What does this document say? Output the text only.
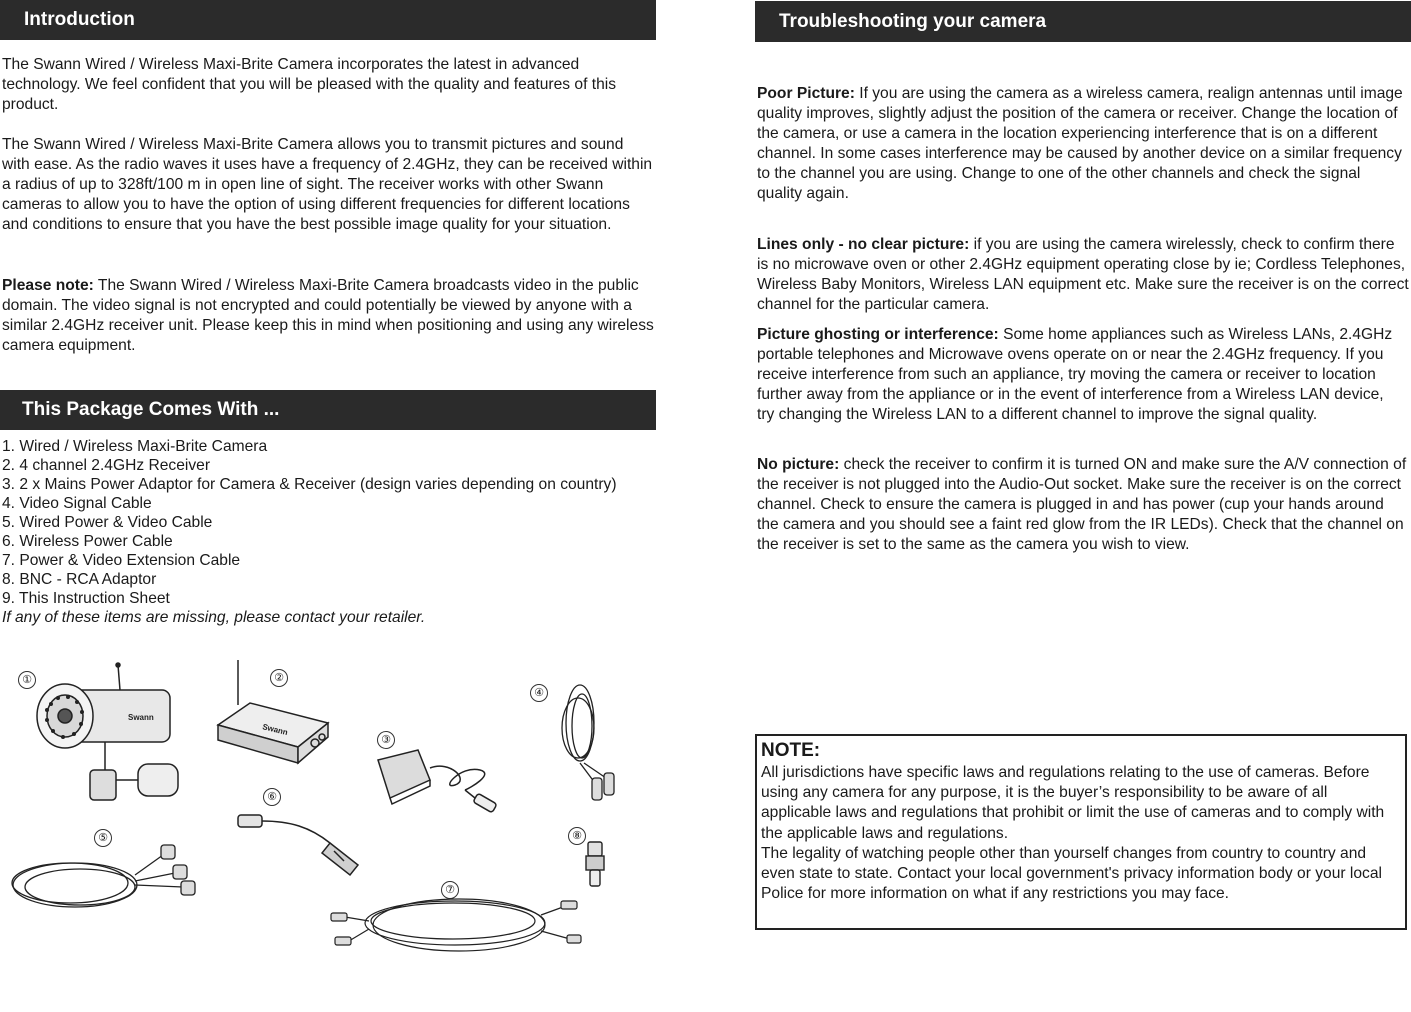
Introduction

The Swann Wired / Wireless Maxi-Brite Camera incorporates the latest in advanced technology. We feel confident that you will be pleased with the quality and features of this product.

The Swann Wired / Wireless Maxi-Brite Camera allows you to transmit pictures and sound with ease. As the radio waves it uses have a frequency of 2.4GHz, they can be received within a radius of up to 328ft/100 m in open line of sight. The receiver works with other Swann cameras to allow you to have the option of using different frequencies for different locations and conditions to ensure that you have the best possible image quality for your situation.

Please note: The Swann Wired / Wireless Maxi-Brite Camera broadcasts video in the public domain. The video signal is not encrypted and could potentially be viewed by anyone with a similar 2.4GHz receiver unit. Please keep this in mind when positioning and using any wireless camera equipment.

This Package Comes With ...
1. Wired / Wireless Maxi-Brite Camera
2. 4 channel 2.4GHz Receiver
3. 2 x Mains Power Adaptor for Camera & Receiver (design varies depending on country)
4. Video Signal Cable
5. Wired Power & Video Cable
6. Wireless Power Cable
7. Power & Video Extension Cable
8. BNC - RCA Adaptor
9. This Instruction Sheet
If any of these items are missing, please contact your retailer.
①	②
③
④
⑤
⑥
⑦
⑧
Swann
Swann
Troubleshooting your camera

Poor Picture: If you are using the camera as a wireless camera, realign antennas until image quality improves, slightly adjust the position of the camera or receiver. Change the location of the camera, or use a camera in the location experiencing interference that is on a different channel. In some cases interference may be caused by another device on a similar frequency to the channel you are using. Change to one of the other channels and check the signal quality again.

Lines only - no clear picture: if you are using the camera wirelessly, check to confirm there is no microwave oven or other 2.4GHz equipment operating close by ie; Cordless Telephones, Wireless Baby Monitors, Wireless LAN equipment etc. Make sure the receiver is on the correct channel for the particular camera.

Picture ghosting or interference: Some home appliances such as Wireless LANs, 2.4GHz portable telephones and Microwave ovens operate on or near the 2.4GHz frequency. If you receive interference from such an appliance, try moving the camera or receiver to location further away from the appliance or in the event of interference from a Wireless LAN device,
try changing the Wireless LAN to a different channel to improve the signal quality.

No picture: check the receiver to confirm it is turned ON and make sure the A/V connection of the receiver is not plugged into the Audio-Out socket. Make sure the receiver is on the correct channel. Check to ensure the camera is plugged in and has power (cup your hands around the camera and you should see a faint red glow from the IR LEDs). Check that the channel on the receiver is set to the same as the camera you wish to view.

NOTE:

All jurisdictions have specific laws and regulations relating to the use of cameras. Before using any camera for any purpose, it is the buyer’s responsibility to be aware of all applicable laws and regulations that prohibit or limit the use of cameras and to comply with the applicable laws and regulations.

The legality of watching people other than yourself changes from country to country and even state to state. Contact your local government's privacy information body or your local Police for more information on what if any restrictions you may face.
